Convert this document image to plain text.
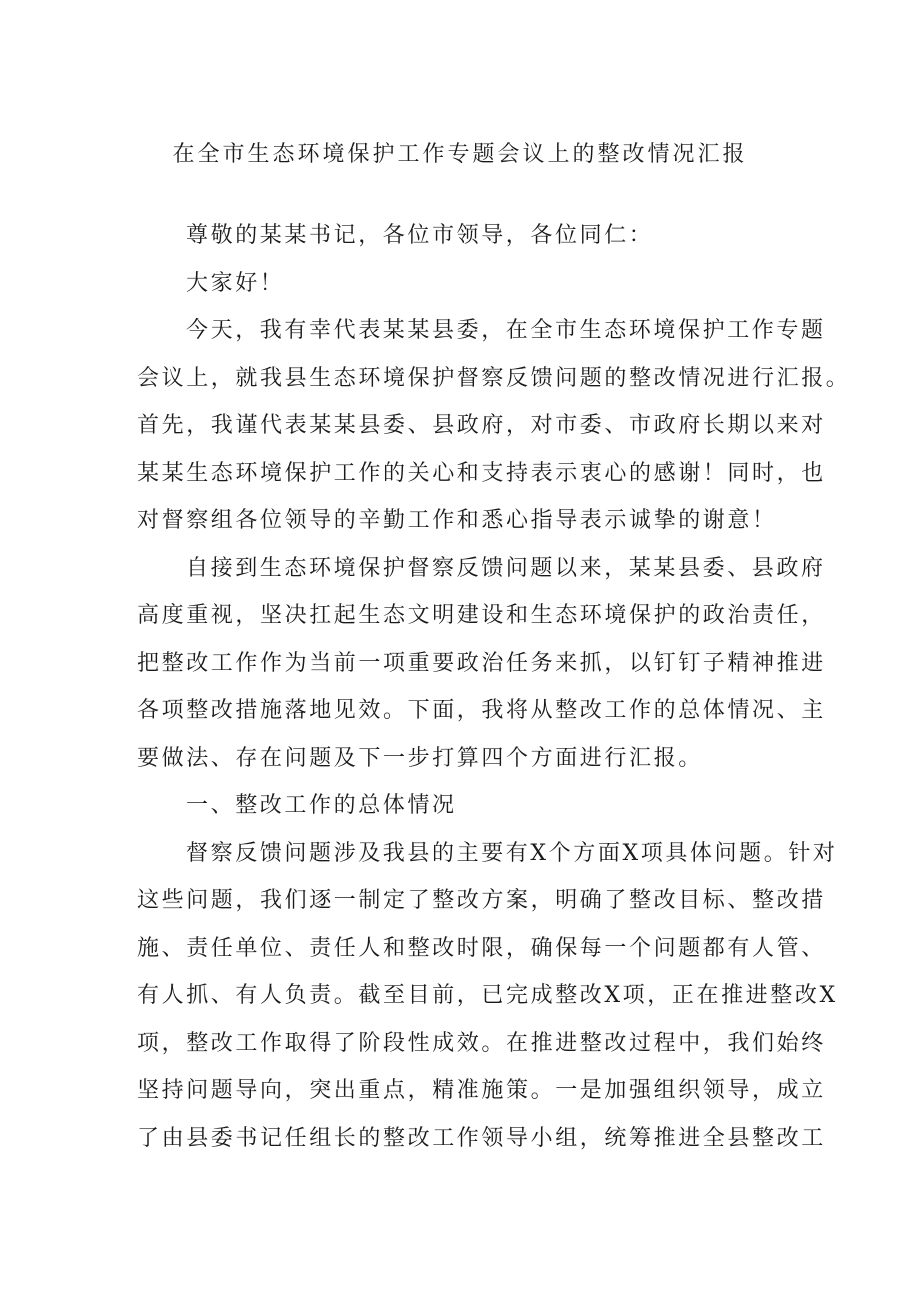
在全市生态环境保护工作专题会议上的整改情况汇报
尊敬的某某书记，各位市领导，各位同仁：
大家好！
今天，我有幸代表某某县委，在全市生态环境保护工作专题
会议上，就我县生态环境保护督察反馈问题的整改情况进行汇报。
首先，我谨代表某某县委、县政府，对市委、市政府长期以来对
某某生态环境保护工作的关心和支持表示衷心的感谢！同时，也
对督察组各位领导的辛勤工作和悉心指导表示诚挚的谢意！
自接到生态环境保护督察反馈问题以来，某某县委、县政府
高度重视，坚决扛起生态文明建设和生态环境保护的政治责任，
把整改工作作为当前一项重要政治任务来抓，以钉钉子精神推进
各项整改措施落地见效。下面，我将从整改工作的总体情况、主
要做法、存在问题及下一步打算四个方面进行汇报。
一、整改工作的总体情况
督察反馈问题涉及我县的主要有X个方面X项具体问题。针对
这些问题，我们逐一制定了整改方案，明确了整改目标、整改措
施、责任单位、责任人和整改时限，确保每一个问题都有人管、
有人抓、有人负责。截至目前，已完成整改X项，正在推进整改X
项，整改工作取得了阶段性成效。在推进整改过程中，我们始终
坚持问题导向，突出重点，精准施策。一是加强组织领导，成立
了由县委书记任组长的整改工作领导小组，统筹推进全县整改工
